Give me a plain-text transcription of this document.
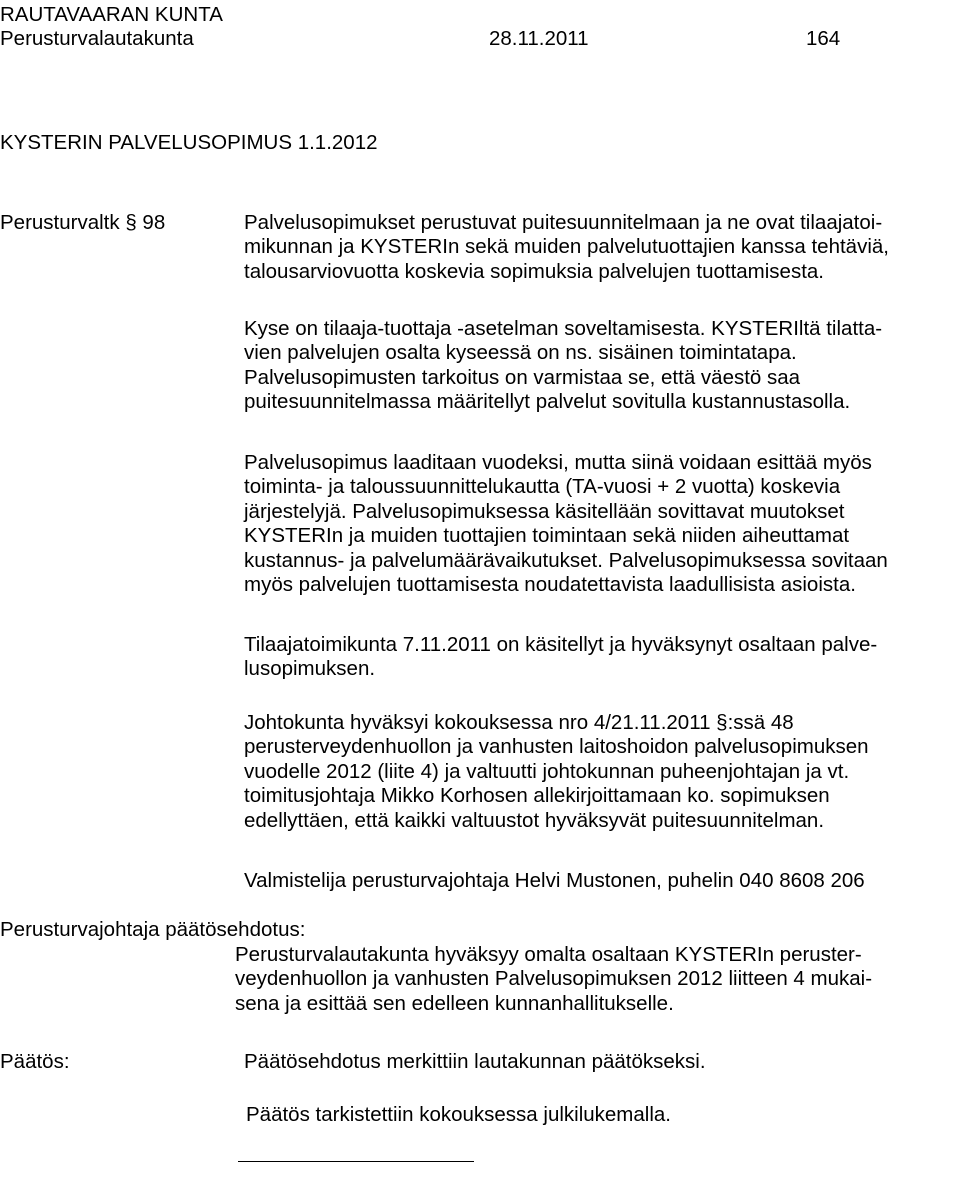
RAUTAVAARAN KUNTA
Perusturvalautakunta	28.11.2011	164
KYSTERIN PALVELUSOPIMUS 1.1.2012
Perusturvaltk § 98	Palvelusopimukset perustuvat puitesuunnitelmaan ja ne ovat tilaajatoi-
mikunnan ja KYSTERIn sekä muiden palvelutuottajien kanssa tehtäviä,
talousarviovuotta koskevia sopimuksia palvelujen tuottamisesta.
Kyse on tilaaja-tuottaja -asetelman soveltamisesta. KYSTERIltä tilatta-
vien palvelujen osalta kyseessä on ns. sisäinen toimintatapa.
Palvelusopimusten tarkoitus on varmistaa se, että väestö saa
puitesuunnitelmassa määritellyt palvelut sovitulla kustannustasolla.
Palvelusopimus laaditaan vuodeksi, mutta siinä voidaan esittää myös
toiminta- ja taloussuunnittelukautta (TA-vuosi + 2 vuotta) koskevia
järjestelyjä. Palvelusopimuksessa käsitellään sovittavat muutokset
KYSTERIn ja muiden tuottajien toimintaan sekä niiden aiheuttamat
kustannus- ja palvelumäärävaikutukset. Palvelusopimuksessa sovitaan
myös palvelujen tuottamisesta noudatettavista laadullisista asioista.
Tilaajatoimikunta 7.11.2011 on käsitellyt ja hyväksynyt osaltaan palve-
lusopimuksen.
Johtokunta hyväksyi kokouksessa nro 4/21.11.2011 §:ssä 48
perusterveydenhuollon ja vanhusten laitoshoidon palvelusopimuksen
vuodelle 2012 (liite 4) ja valtuutti johtokunnan puheenjohtajan ja vt.
toimitusjohtaja Mikko Korhosen allekirjoittamaan ko. sopimuksen
edellyttäen, että kaikki valtuustot hyväksyvät puitesuunnitelman.
Valmistelija perusturvajohtaja Helvi Mustonen, puhelin 040 8608 206
Perusturvajohtaja päätösehdotus:
Perusturvalautakunta hyväksyy omalta osaltaan KYSTERIn peruster-
veydenhuollon ja vanhusten Palvelusopimuksen 2012 liitteen 4 mukai-
sena ja esittää sen edelleen kunnanhallitukselle.
Päätös:	Päätösehdotus merkittiin lautakunnan päätökseksi.
Päätös tarkistettiin kokouksessa julkilukemalla.
